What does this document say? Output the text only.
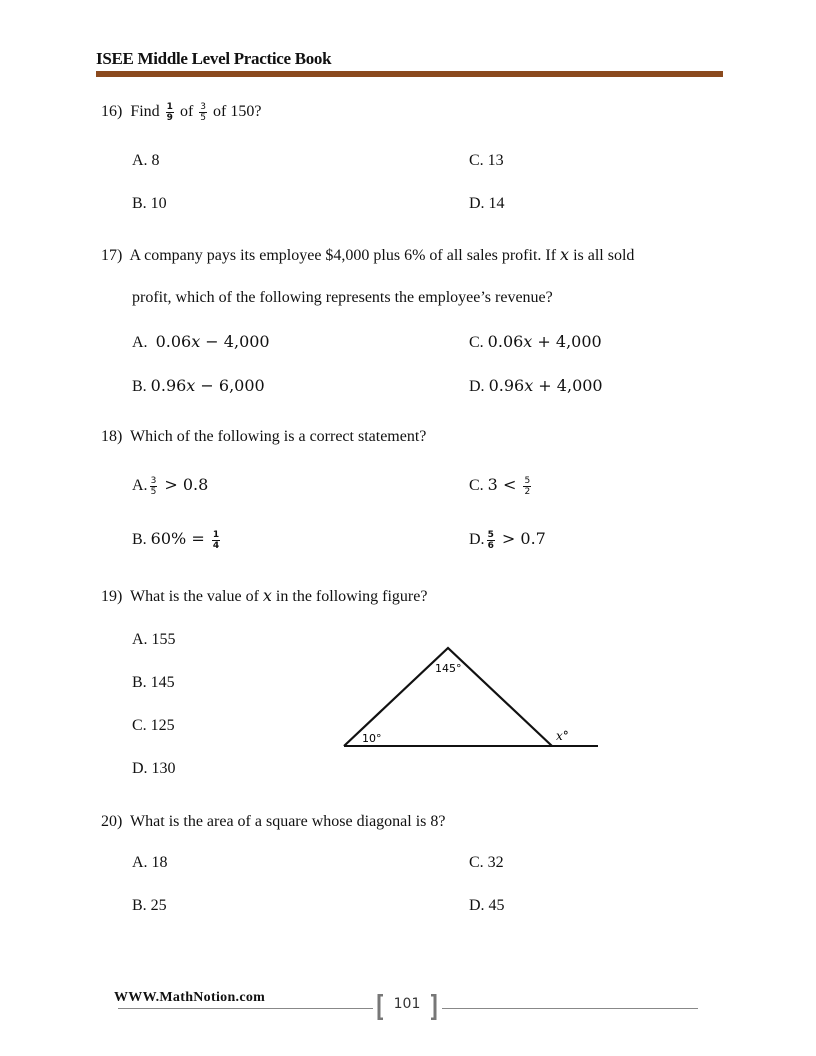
ISEE Middle Level Practice Book
16) Find $\frac{1}{9}$ of $\frac{3}{5}$ of 150?
A. 8	C. 13
B. 10	D. 14
17) A company pays its employee $4,000 plus 6% of all sales profit. If x is all sold
profit, which of the following represents the employee’s revenue?
A. 0.06x − 4,000	C. 0.06x + 4,000
B. 0.96x − 6,000	D. 0.96x + 4,000
18) Which of the following is a correct statement?
A. $\frac{3}{5} > 0.8$	C. $3 < \frac{5}{2}$
B. $60\% = \frac{1}{4}$	D. $\frac{5}{6} > 0.7$
19) What is the value of x in the following figure?
A. 155
B. 145
C. 125
D. 130
145°
10°	x°
20) What is the area of a square whose diagonal is 8?
A. 18	C. 32
B. 25	D. 45
WWW.MathNotion.com	101
